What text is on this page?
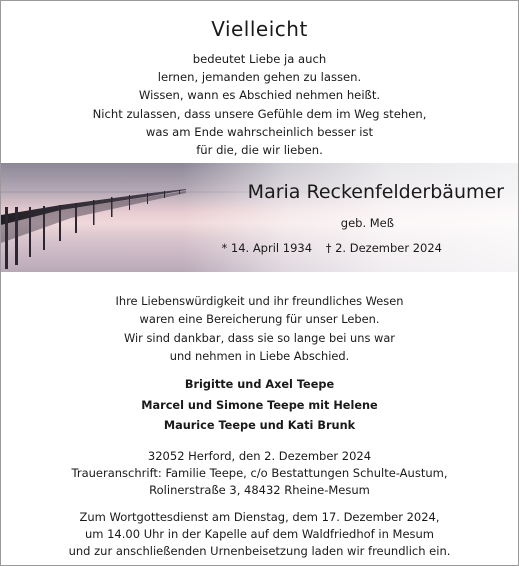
Vielleicht
bedeutet Liebe ja auch
lernen, jemanden gehen zu lassen.
Wissen, wann es Abschied nehmen heißt.
Nicht zulassen, dass unsere Gefühle dem im Weg stehen,
was am Ende wahrscheinlich besser ist
für die, die wir lieben.
Maria Reckenfelderbäumer
geb. Meß
* 14. April 1934 † 2. Dezember 2024
Ihre Liebenswürdigkeit und ihr freundliches Wesen
waren eine Bereicherung für unser Leben.
Wir sind dankbar, dass sie so lange bei uns war
und nehmen in Liebe Abschied.
Brigitte und Axel Teepe
Marcel und Simone Teepe mit Helene
Maurice Teepe und Kati Brunk
32052 Herford, den 2. Dezember 2024
Traueranschrift: Familie Teepe, c/o Bestattungen Schulte-Austum,
Rolinerstraße 3, 48432 Rheine-Mesum
Zum Wortgottesdienst am Dienstag, dem 17. Dezember 2024,
um 14.00 Uhr in der Kapelle auf dem Waldfriedhof in Mesum
und zur anschließenden Urnenbeisetzung laden wir freundlich ein.
